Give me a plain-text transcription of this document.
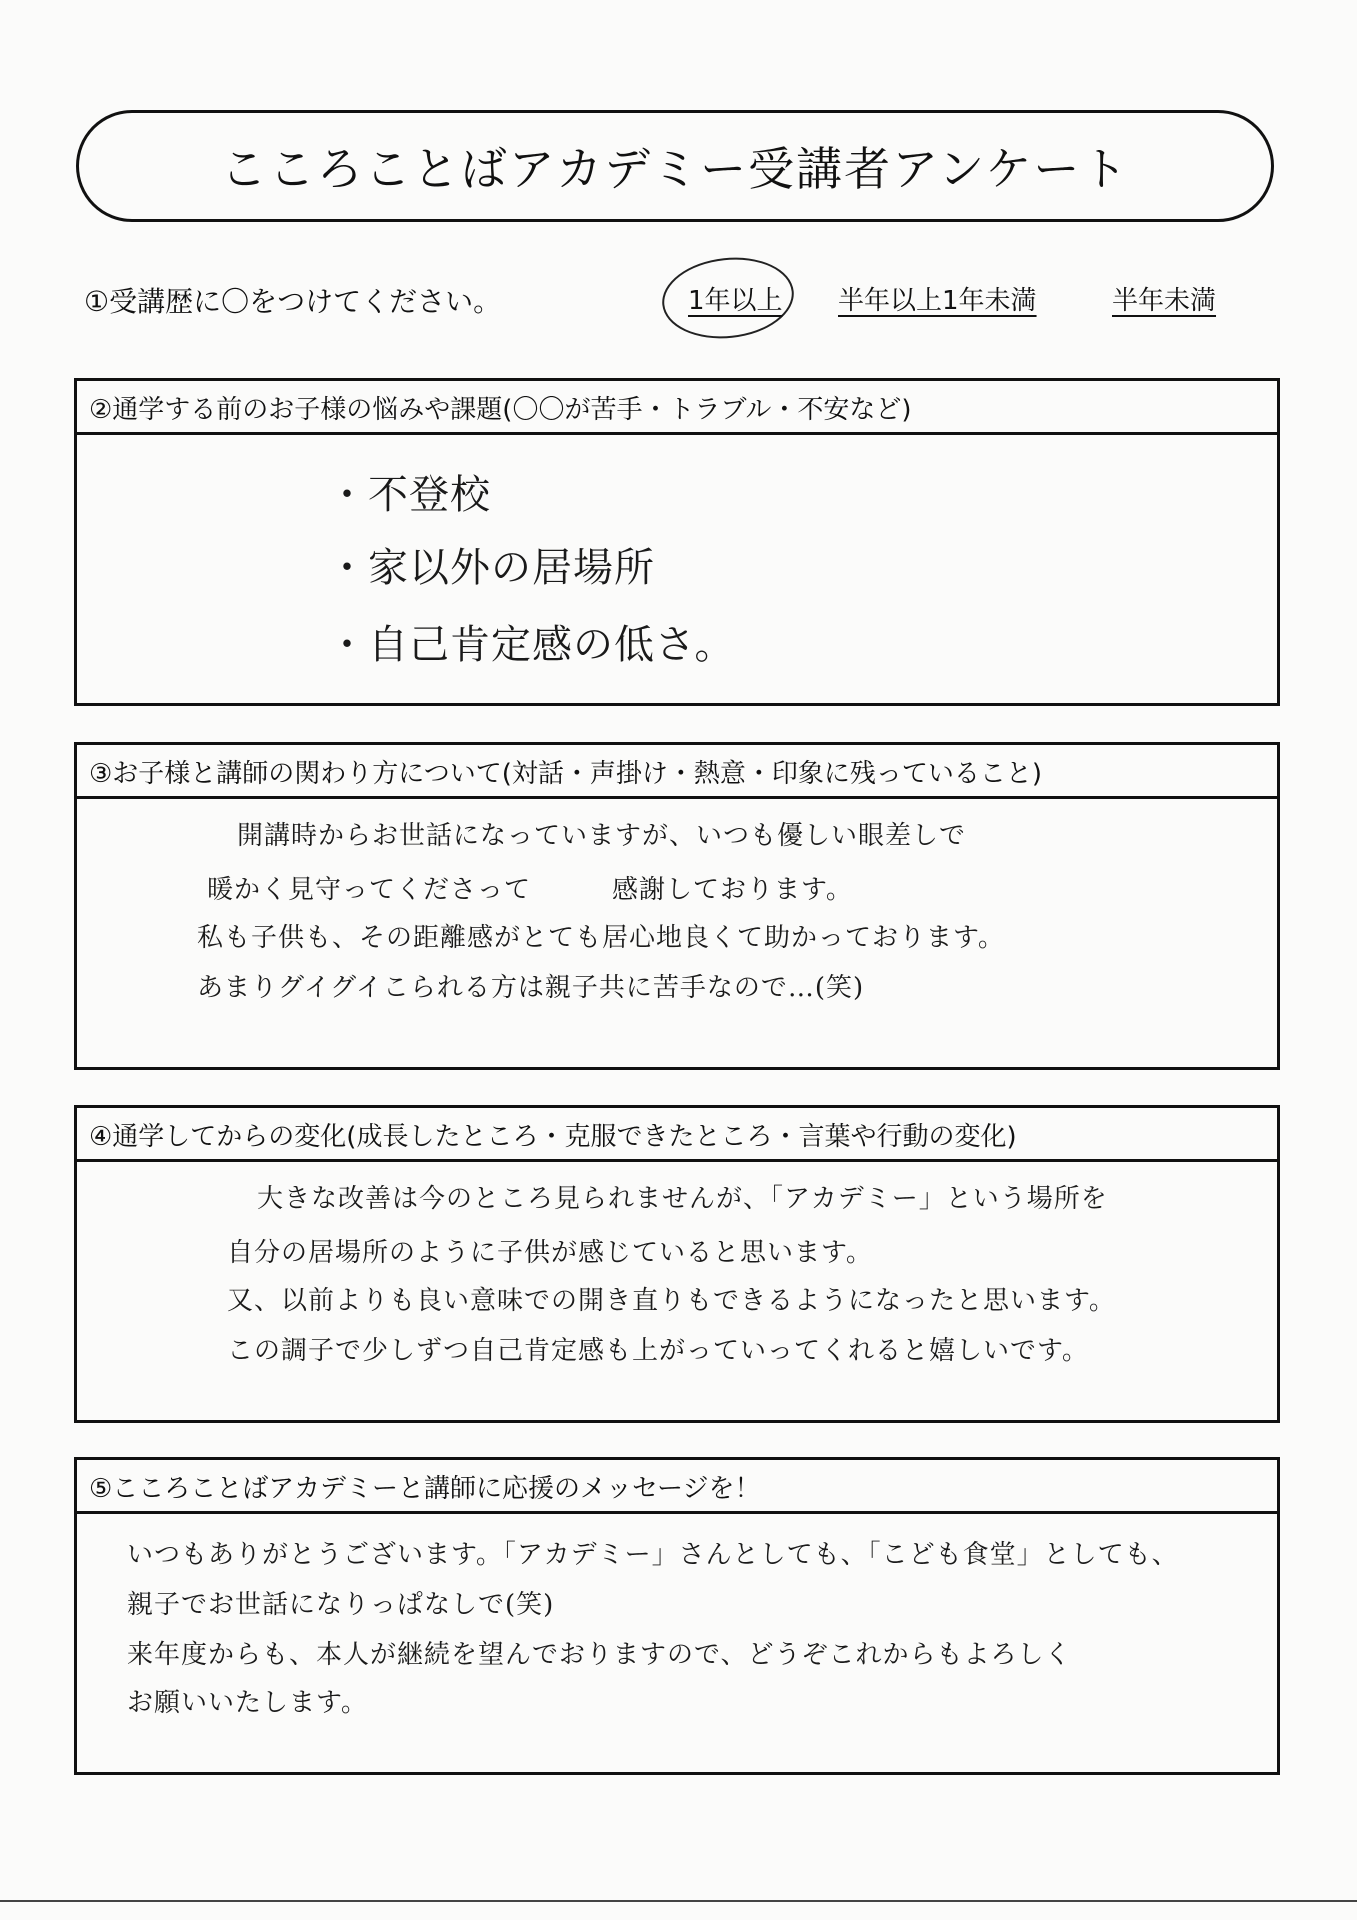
こころことばアカデミー受講者アンケート
①受講歴に〇をつけてください。	1年以上 半年以上1年未満	半年未満
②通学する前のお子様の悩みや課題(〇〇が苦手・トラブル・不安など)
・不登校
・家以外の居場所
・自己肯定感の低さ。
③お子様と講師の関わり方について(対話・声掛け・熱意・印象に残っていること)
開講時からお世話になっていますが、いつも優しい眼差しで
暖かく見守ってくださって　　　感謝しております。
私も子供も、その距離感がとても居心地良くて助かっております。
あまりグイグイこられる方は親子共に苦手なので…(笑)
④通学してからの変化(成長したところ・克服できたところ・言葉や行動の変化)
大きな改善は今のところ見られませんが、「アカデミー」という場所を
自分の居場所のように子供が感じていると思います。
又、以前よりも良い意味での開き直りもできるようになったと思います。
この調子で少しずつ自己肯定感も上がっていってくれると嬉しいです。
⑤こころことばアカデミーと講師に応援のメッセージを！
いつもありがとうございます。「アカデミー」さんとしても、「こども食堂」としても、
親子でお世話になりっぱなしで(笑)
来年度からも、本人が継続を望んでおりますので、どうぞこれからもよろしく
お願いいたします。
